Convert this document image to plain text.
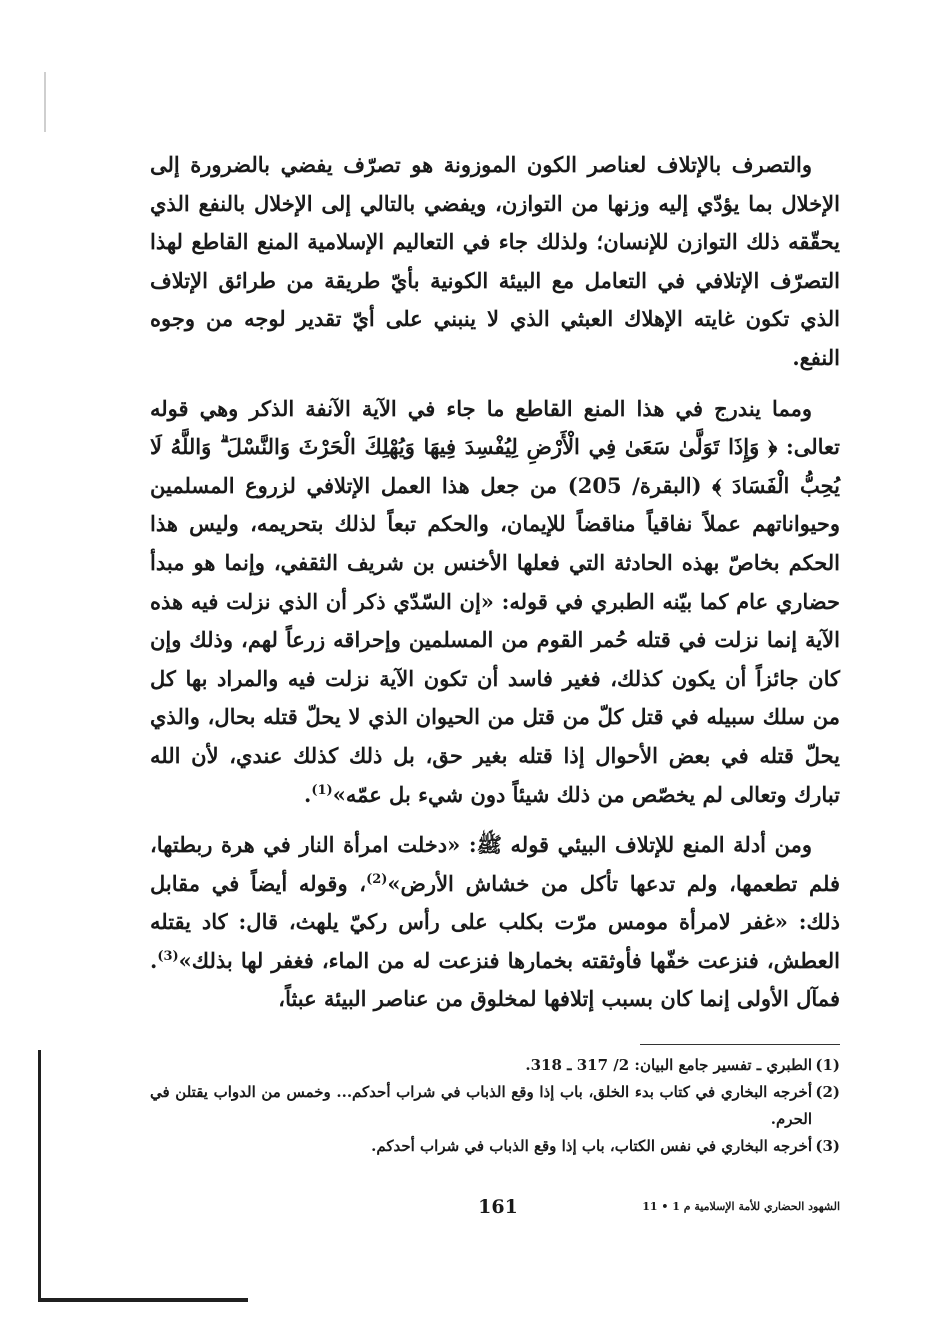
والتصرف بالإتلاف لعناصر الكون الموزونة هو تصرّف يفضي بالضرورة إلى الإخلال بما يؤدّي إليه وزنها من التوازن، ويفضي بالتالي إلى الإخلال بالنفع الذي يحقّقه ذلك التوازن للإنسان؛ ولذلك جاء في التعاليم الإسلامية المنع القاطع لهذا التصرّف الإتلافي في التعامل مع البيئة الكونية بأيّ طريقة من طرائق الإتلاف الذي تكون غايته الإهلاك العبثي الذي لا ينبني على أيّ تقدير لوجه من وجوه النفع.

ومما يندرج في هذا المنع القاطع ما جاء في الآية الآنفة الذكر وهي قوله تعالى: ﴿ وَإِذَا تَوَلَّىٰ سَعَىٰ فِي الْأَرْضِ لِيُفْسِدَ فِيهَا وَيُهْلِكَ الْحَرْثَ وَالنَّسْلَ ۗ وَاللَّهُ لَا يُحِبُّ الْفَسَادَ ﴾ (البقرة/ 205) من جعل هذا العمل الإتلافي لزروع المسلمين وحيواناتهم عملاً نفاقياً مناقضاً للإيمان، والحكم تبعاً لذلك بتحريمه، وليس هذا الحكم بخاصّ بهذه الحادثة التي فعلها الأخنس بن شريف الثقفي، وإنما هو مبدأ حضاري عام كما بيّنه الطبري في قوله: «إن السّدّي ذكر أن الذي نزلت فيه هذه الآية إنما نزلت في قتله حُمر القوم من المسلمين وإحراقه زرعاً لهم، وذلك وإن كان جائزاً أن يكون كذلك، فغير فاسد أن تكون الآية نزلت فيه والمراد بها كل من سلك سبيله في قتل كلّ من قتل من الحيوان الذي لا يحلّ قتله بحال، والذي يحلّ قتله في بعض الأحوال إذا قتله بغير حق، بل ذلك كذلك عندي، لأن الله تبارك وتعالى لم يخصّص من ذلك شيئاً دون شيء بل عمّه»$^{(1)}$.

ومن أدلة المنع للإتلاف البيئي قوله ﷺ: «دخلت امرأة النار في هرة ربطتها، فلم تطعمها، ولم تدعها تأكل من خشاش الأرض»$^{(2)}$، وقوله أيضاً في مقابل ذلك: «غفر لامرأة مومس مرّت بكلب على رأس ركيّ يلهث، قال: كاد يقتله العطش، فنزعت خفّها فأوثقته بخمارها فنزعت له من الماء، فغفر لها بذلك»$^{(3)}$. فمآل الأولى إنما كان بسبب إتلافها لمخلوق من عناصر البيئة عبثاً،

(1)
الطبري ـ تفسير جامع البيان: 2/ 317 ـ 318.
(2)
أخرجه البخاري في كتاب بدء الخلق، باب إذا وقع الذباب في شراب أحدكم... وخمس من الدواب يقتلن في الحرم.
(3)
أخرجه البخاري في نفس الكتاب، باب إذا وقع الذباب في شراب أحدكم.
161	الشهود الحضاري للأمة الإسلامية م 1 • 11
